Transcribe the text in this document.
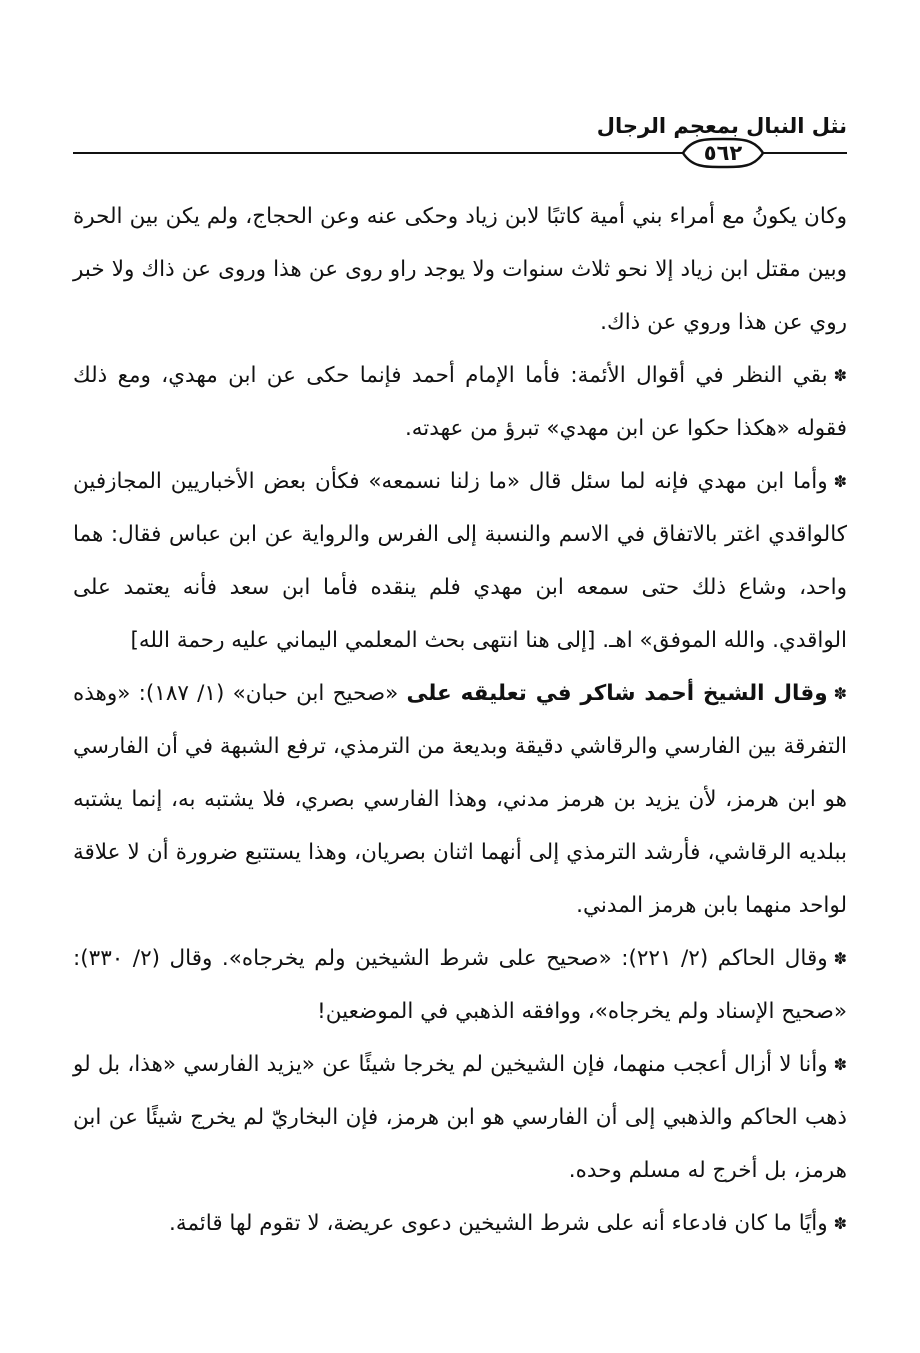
نثل النبال بمعجم الرجال
٥٦٢

وكان يكونُ مع أمراء بني أمية كاتبًا لابن زياد وحكى عنه وعن الحجاج، ولم يكن بين الحرة وبين مقتل ابن زياد إلا نحو ثلاث سنوات ولا يوجد راو روى عن هذا وروى عن ذاك ولا خبر روي عن هذا وروي عن ذاك.

✽بقي النظر في أقوال الأئمة: فأما الإمام أحمد فإنما حكى عن ابن مهدي، ومع ذلك فقوله «هكذا حكوا عن ابن مهدي» تبرؤ من عهدته.

✽وأما ابن مهدي فإنه لما سئل قال «ما زلنا نسمعه» فكأن بعض الأخباريين المجازفين كالواقدي اغتر بالاتفاق في الاسم والنسبة إلى الفرس والرواية عن ابن عباس فقال: هما واحد، وشاع ذلك حتى سمعه ابن مهدي فلم ينقده فأما ابن سعد فأنه يعتمد على الواقدي. والله الموفق» اهـ. [إلى هنا انتهى بحث المعلمي اليماني عليه رحمة الله]

✽وقال الشيخ أحمد شاكر في تعليقه على «صحيح ابن حبان» (١/ ١٨٧): «وهذه التفرقة بين الفارسي والرقاشي دقيقة وبديعة من الترمذي، ترفع الشبهة في أن الفارسي هو ابن هرمز، لأن يزيد بن هرمز مدني، وهذا الفارسي بصري، فلا يشتبه به، إنما يشتبه ببلديه الرقاشي، فأرشد الترمذي إلى أنهما اثنان بصريان، وهذا يستتبع ضرورة أن لا علاقة لواحد منهما بابن هرمز المدني.

✽وقال الحاكم (٢/ ٢٢١): «صحيح على شرط الشيخين ولم يخرجاه». وقال (٢/ ٣٣٠): «صحيح الإسناد ولم يخرجاه»، ووافقه الذهبي في الموضعين!

✽وأنا لا أزال أعجب منهما، فإن الشيخين لم يخرجا شيئًا عن «يزيد الفارسي «هذا، بل لو ذهب الحاكم والذهبي إلى أن الفارسي هو ابن هرمز، فإن البخاريّ لم يخرج شيئًا عن ابن هرمز، بل أخرج له مسلم وحده.

✽وأيًا ما كان فادعاء أنه على شرط الشيخين دعوى عريضة، لا تقوم لها قائمة.
